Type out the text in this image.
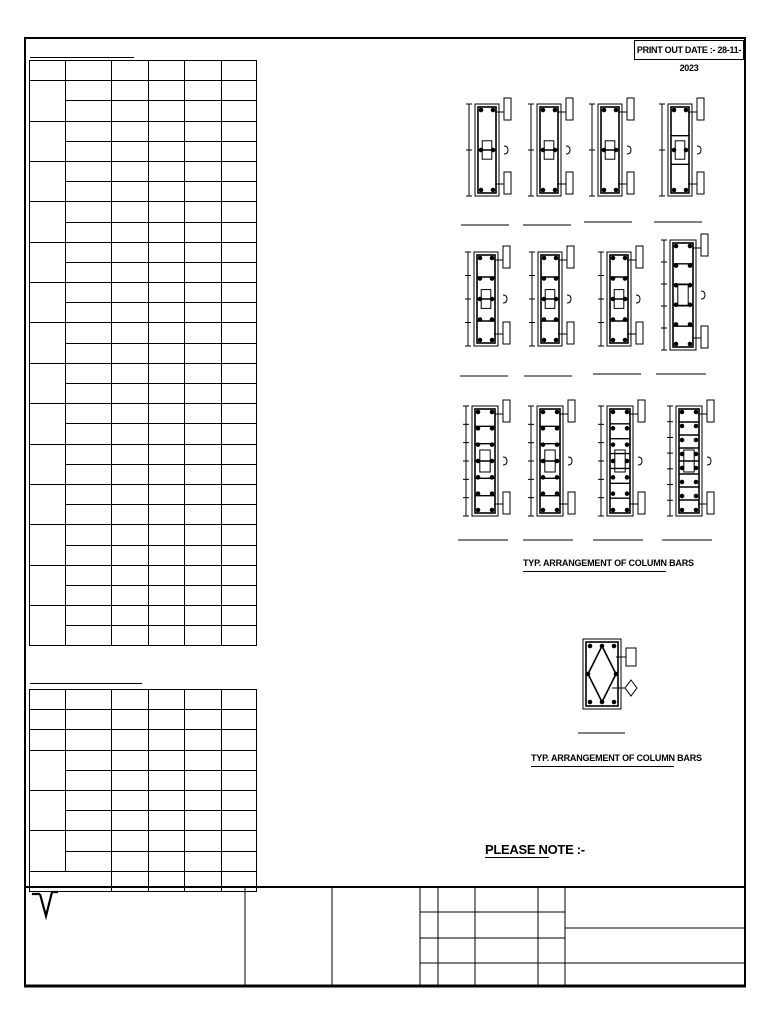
PRINT OUT DATE :- 28-11-2023

TYP. ARRANGEMENT OF COLUMN BARS
TYP. ARRANGEMENT OF COLUMN BARS
PLEASE NOTE :-
